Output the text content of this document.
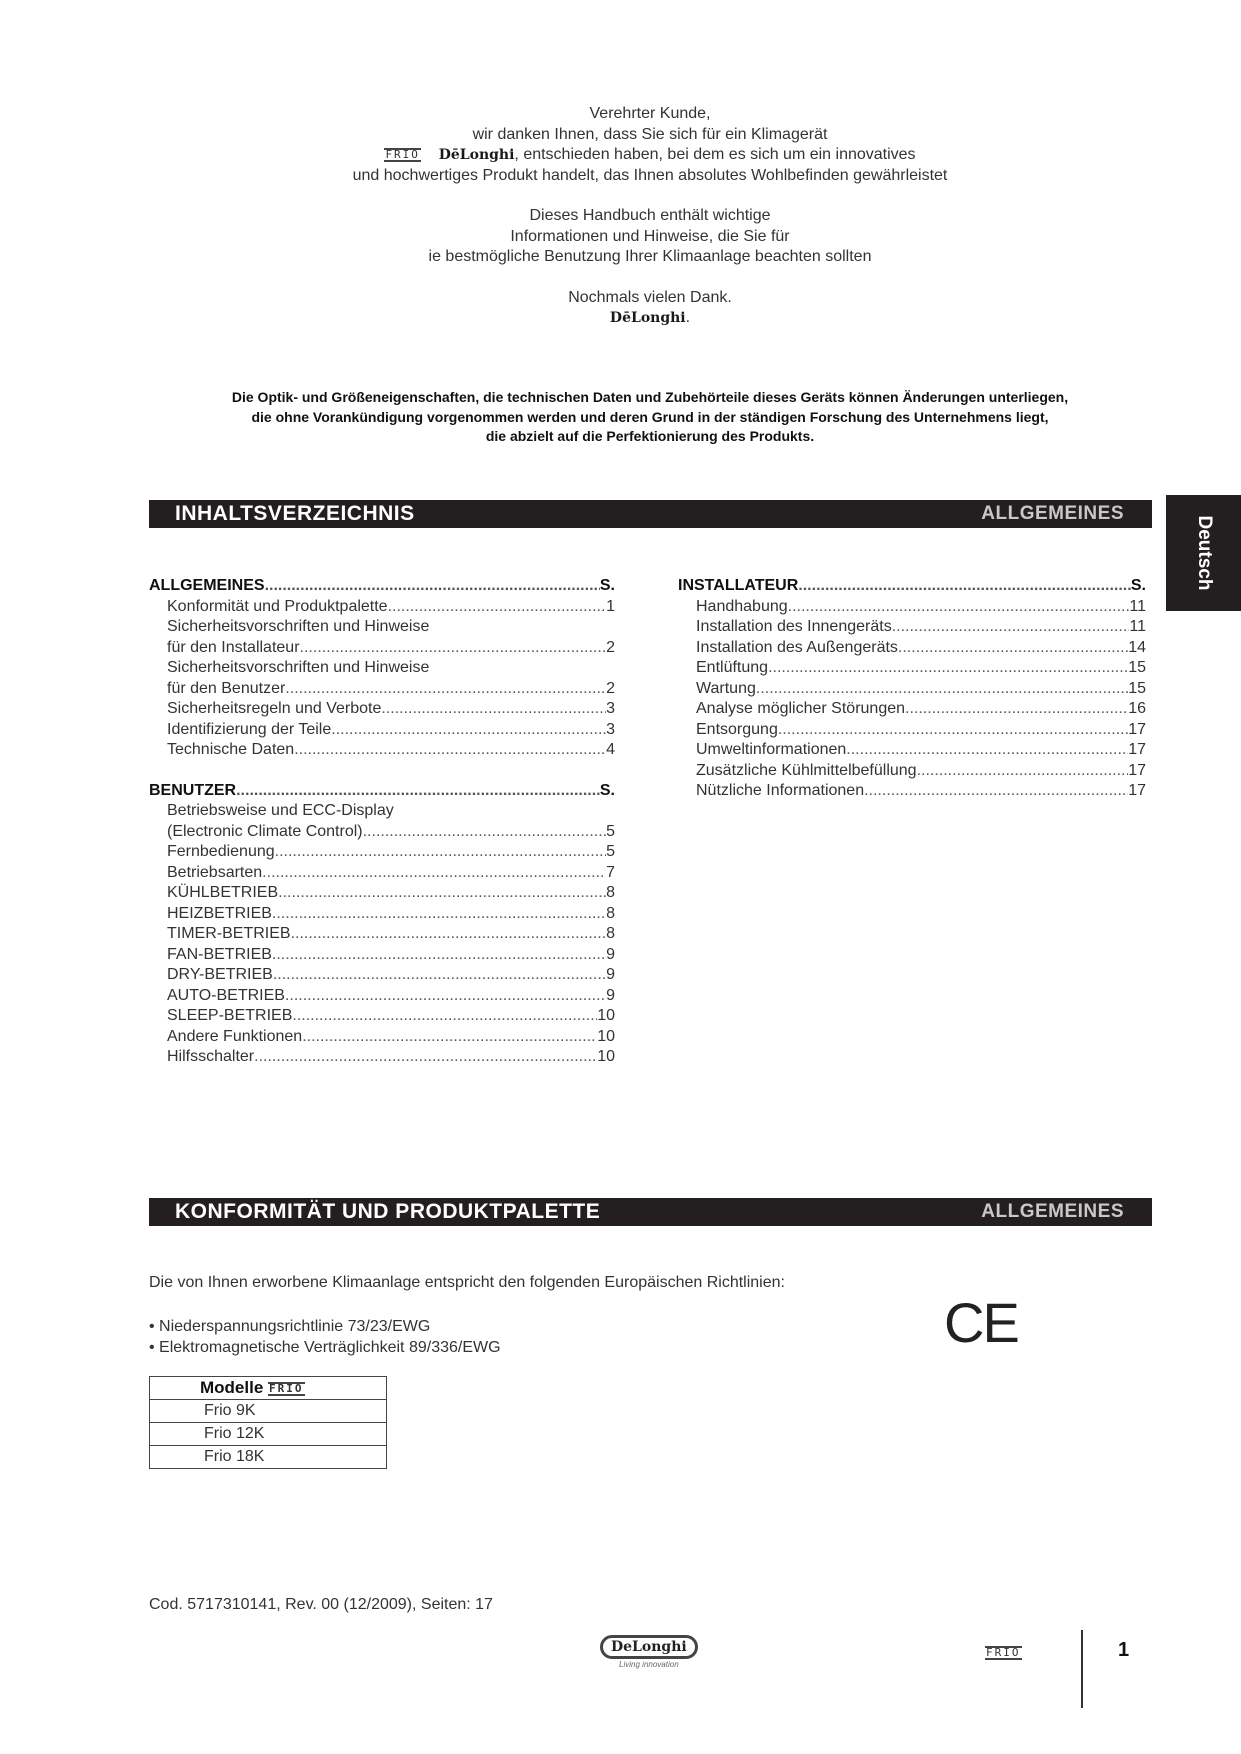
Verehrter Kunde,
wir danken Ihnen, dass Sie sich für ein Klimagerät
FRIO DēLonghi, entschieden haben, bei dem es sich um ein innovatives
und hochwertiges Produkt handelt, das Ihnen absolutes Wohlbefinden gewährleistet
Dieses Handbuch enthält wichtige
Informationen und Hinweise, die Sie für
ie bestmögliche Benutzung Ihrer Klimaanlage beachten sollten
Nochmals vielen Dank.
DēLonghi.
Die Optik- und Größeneigenschaften, die technischen Daten und Zubehörteile dieses Geräts können Änderungen unterliegen,
die ohne Vorankündigung vorgenommen werden und deren Grund in der ständigen Forschung des Unternehmens liegt,
die abzielt auf die Perfektionierung des Produkts.
Deutsch
INHALTSVERZEICHNIS	ALLGEMEINES
ALLGEMEINES .....	S.
Konformität und Produktpalette .....	1
Sicherheitsvorschriften und Hinweise
für den Installateur .....	2
Sicherheitsvorschriften und Hinweise
für den Benutzer .....	2
Sicherheitsregeln und Verbote .....	3
Identifizierung der Teile .....	3
Technische Daten .....	4
BENUTZER .....	S.
Betriebsweise und ECC-Display
(Electronic Climate Control) .....	5
Fernbedienung .....	5
Betriebsarten .....	7
KÜHLBETRIEB .....	8
HEIZBETRIEB .....	8
TIMER-BETRIEB .....	8
FAN-BETRIEB .....	9
DRY-BETRIEB .....	9
AUTO-BETRIEB .....	9
SLEEP-BETRIEB .....	10
Andere Funktionen .....	10
Hilfsschalter .....	10
INSTALLATEUR .....	S.
Handhabung .....	11
Installation des Innengeräts .....	11
Installation des Außengeräts .....	14
Entlüftung .....	15
Wartung .....	15
Analyse möglicher Störungen .....	16
Entsorgung .....	17
Umweltinformationen .....	17
Zusätzliche Kühlmittelbefüllung .....	17
Nützliche Informationen .....	17
KONFORMITÄT UND PRODUKTPALETTE	ALLGEMEINES
Die von Ihnen erworbene Klimaanlage entspricht den folgenden Europäischen Richtlinien:
• Niederspannungsrichtlinie 73/23/EWG
• Elektromagnetische Verträglichkeit 89/336/EWG	CE
Modelle FRIO
Frio 9K
Frio 12K
Frio 18K
Cod. 5717310141, Rev. 00 (12/2009), Seiten: 17
DeLonghi
Living innovation
FRIO	1
